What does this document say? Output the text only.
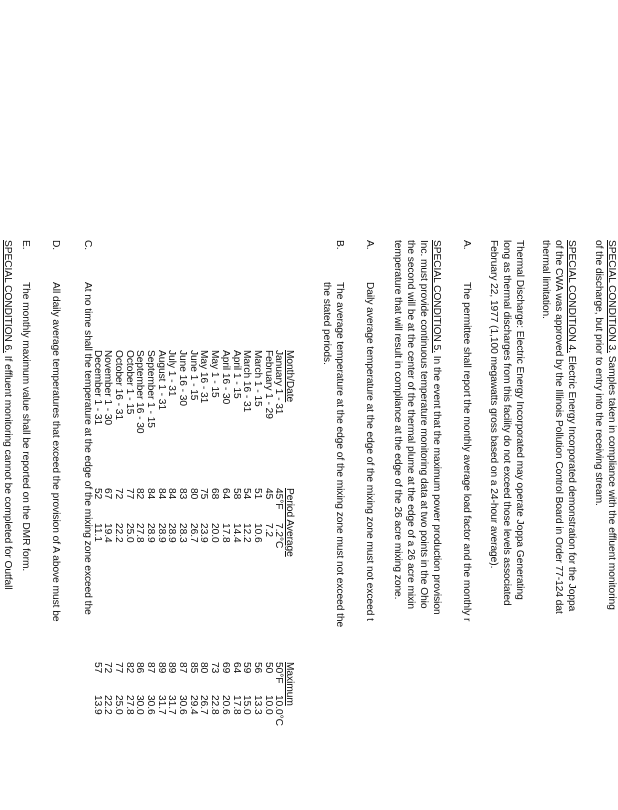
SPECIAL CONDITION 3. Samples taken in compliance with the effluent monitoring
of the discharge, but prior to entry into the receiving stream.
SPECIAL CONDITION 4. Electric Energy Incorporated demonstration for the Joppa
of the CWA was approved by the Illinois Pollution Control Board in Order 77-124 dat
thermal limitation.
Thermal Discharge: Electric Energy Incorporated may operate Joppa Generating
long as thermal discharges from this facility do not exceed those levels associated
February 22, 1977 (1,100 megawatts gross based on a 24-hour average).
A.
The permittee shall report the monthly average load factor and the monthly r
SPECIAL CONDITION 5. In the event that the maximum power production provision
Inc. must provide continuous temperature monitoring data at two points in the Ohio
the second will be at the center of the thermal plume at the edge of a 26 acre mixin
temperature that will result in compliance at the edge of the 26 acre mixing zone.
A.
Daily average temperature at the edge of the mixing zone must not exceed t
B.
The average temperature at the edge of the mixing zone must not exceed the
the stated periods.
Month/Date
Period Average
Maximum
January 1 - 31
45°F
7.2°C
50°F
10.0°C
February 1 - 29
45
7.2
50
10.0
March 1 - 15
51
10.6
56
13.3
March 16 - 31
54
12.2
59
15.0
April 1 - 15
58
14.4
64
17.8
April 16 - 30
64
17.8
69
20.6
May 1 - 15
68
20.0
73
22.8
May 16 - 31
75
23.9
80
26.7
June 1 - 15
80
26.7
85
29.4
June 16 - 30
83
28.3
87
30.6
July 1 - 31
84
28.9
89
31.7
August 1 - 31
84
28.9
89
31.7
September 1 - 15
84
28.9
87
30.6
September 16 - 30
82
27.8
86
30.0
October 1 - 15
77
25.0
82
27.8
October 16 - 31
72
22.2
77
25.0
November 1 - 30
67
19.4
72
22.2
December 1 - 31
52
11.1
57
13.9
C.
At no time shall the temperature at the edge of the mixing zone exceed the
D.
All daily average temperatures that exceed the provision of A above must be
E.
The monthly maximum value shall be reported on the DMR form.
SPECIAL CONDITION 6. If effluent monitoring cannot be completed for Outfall
